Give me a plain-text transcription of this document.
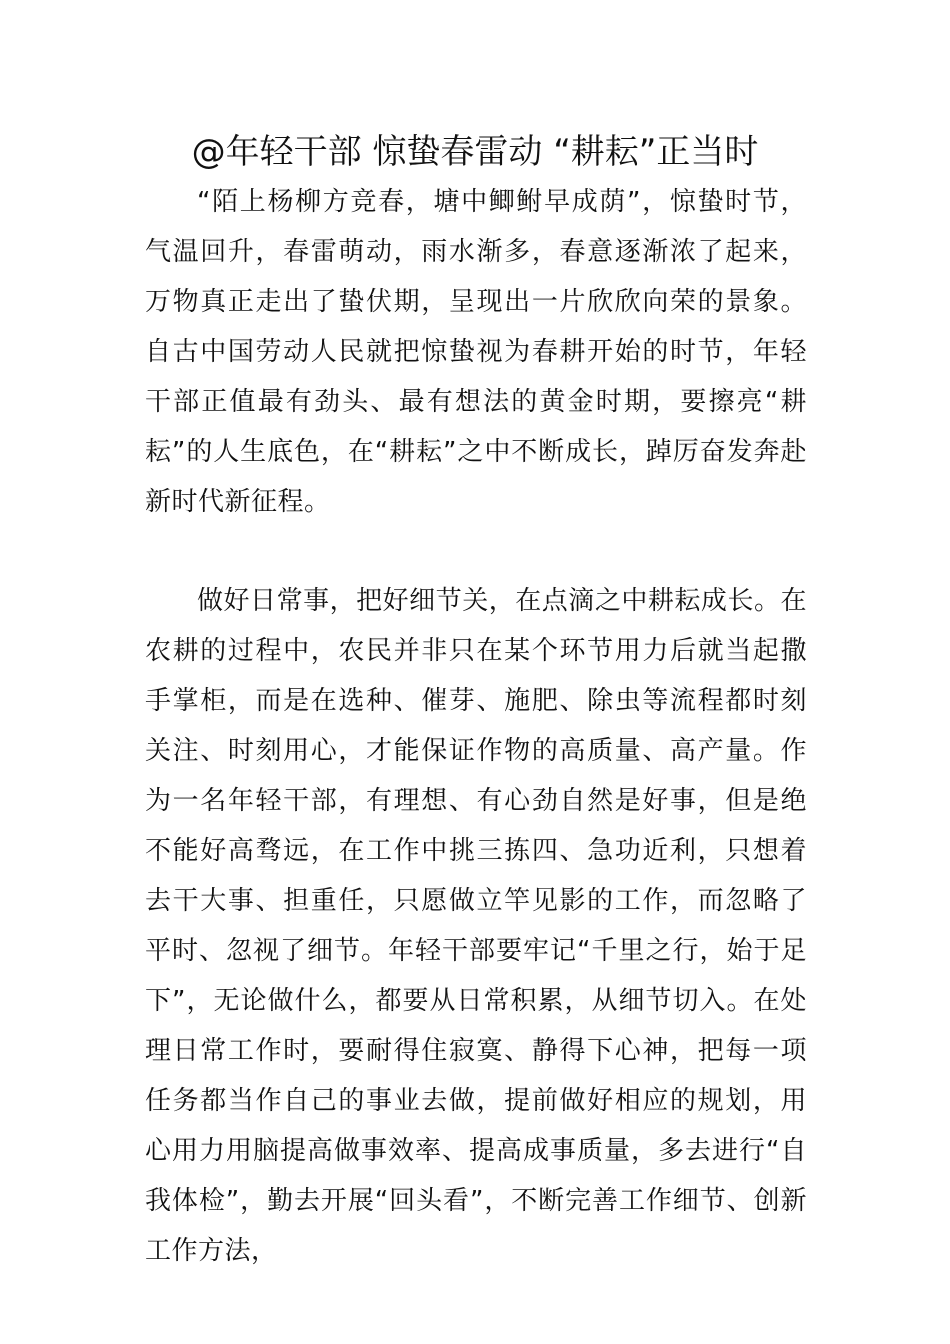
@年轻干部 惊蛰春雷动 “耕耘”正当时

“陌上杨柳方竞春，塘中鲫鲋早成荫”，惊蛰时节，气温回升，春雷萌动，雨水渐多，春意逐渐浓了起来，万物真正走出了蛰伏期，呈现出一片欣欣向荣的景象。自古中国劳动人民就把惊蛰视为春耕开始的时节，年轻干部正值最有劲头、最有想法的黄金时期，要擦亮“耕耘”的人生底色，在“耕耘”之中不断成长，踔厉奋发奔赴新时代新征程。

做好日常事，把好细节关，在点滴之中耕耘成长。在农耕的过程中，农民并非只在某个环节用力后就当起撒手掌柜，而是在选种、催芽、施肥、除虫等流程都时刻关注、时刻用心，才能保证作物的高质量、高产量。作为一名年轻干部，有理想、有心劲自然是好事，但是绝不能好高骛远，在工作中挑三拣四、急功近利，只想着去干大事、担重任，只愿做立竿见影的工作，而忽略了平时、忽视了细节。年轻干部要牢记“千里之行，始于足下”，无论做什么，都要从日常积累，从细节切入。在处理日常工作时，要耐得住寂寞、静得下心神，把每一项任务都当作自己的事业去做，提前做好相应的规划，用心用力用脑提高做事效率、提高成事质量，多去进行“自我体检”，勤去开展“回头看”，不断完善工作细节、创新工作方法，
